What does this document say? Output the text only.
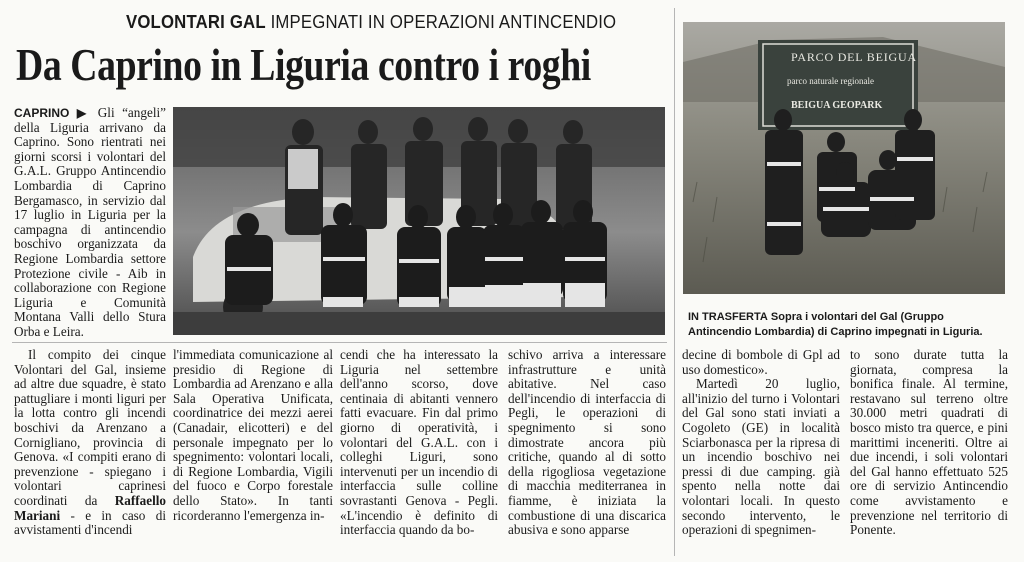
VOLONTARI GAL IMPEGNATI IN OPERAZIONI ANTINCENDIO
Da Caprino in Liguria contro i roghi	PARCO DEL BEIGUA
parco naturale regionale
BEIGUA GEOPARK
IN TRASFERTA Sopra i volontari del Gal (Gruppo Antincendio Lombardia) di Caprino impegnati in Liguria.

CAPRINO ▶ Gli “angeli” della Liguria arrivano da Caprino. Sono rientrati nei giorni scorsi i volontari del G.A.L. Gruppo Antincendio Lombardia di Caprino Bergamasco, in servizio dal 17 luglio in Liguria per la campagna di antincendio boschivo organizzata da Regione Lombardia settore Protezione civile - Aib in collaborazione con Regione Liguria e Comunità Montana Valli dello Stura Orba e Leira.

Il compito dei cinque Volontari del Gal, insieme ad altre due squadre, è stato pattugliare i monti liguri per la lotta contro gli incendi boschivi da Arenzano a Cornigliano, provincia di Genova. «I compiti erano di prevenzione - spiegano i volontari caprinesi coordinati da Raffaello Mariani - e in caso di avvistamenti d'incendi

l'immediata comunicazione al presidio di Regione di Lombardia ad Arenzano e alla Sala Operativa Unificata, coordinatrice dei mezzi aerei (Canadair, elicotteri) e del personale impegnato per lo spegnimento: volontari locali, di Regione Lombardia, Vigili del fuoco e Corpo forestale dello Stato». In tanti ricorderanno l'emergenza in-

cendi che ha interessato la Liguria nel settembre dell'anno scorso, dove centinaia di abitanti vennero fatti evacuare. Fin dal primo giorno di operatività, i volontari del G.A.L. con i colleghi Liguri, sono intervenuti per un incendio di interfaccia sulle colline sovrastanti Genova - Pegli. «L'incendio è definito di interfaccia quando da bo-

schivo arriva a interessare infrastrutture e unità abitative. Nel caso dell'incendio di interfaccia di Pegli, le operazioni di spegnimento si sono dimostrate ancora più critiche, quando al di sotto della rigogliosa vegetazione di macchia mediterranea in fiamme, è iniziata la combustione di una discarica abusiva e sono apparse

decine di bombole di Gpl ad uso domestico».

Martedì 20 luglio, all'inizio del turno i Volontari del Gal sono stati inviati a Cogoleto (GE) in località Sciarbonasca per la ripresa di un incendio boschivo nei pressi di due camping. già spento nella notte dai volontari locali. In questo secondo intervento, le operazioni di spegnimen-

to sono durate tutta la giornata, compresa la bonifica finale. Al termine, restavano sul terreno oltre 30.000 metri quadrati di bosco misto tra querce, e pini marittimi inceneriti. Oltre ai due incendi, i soli volontari del Gal hanno effettuato 525 ore di servizio Antincendio come avvistamento e prevenzione nel territorio di Ponente.
